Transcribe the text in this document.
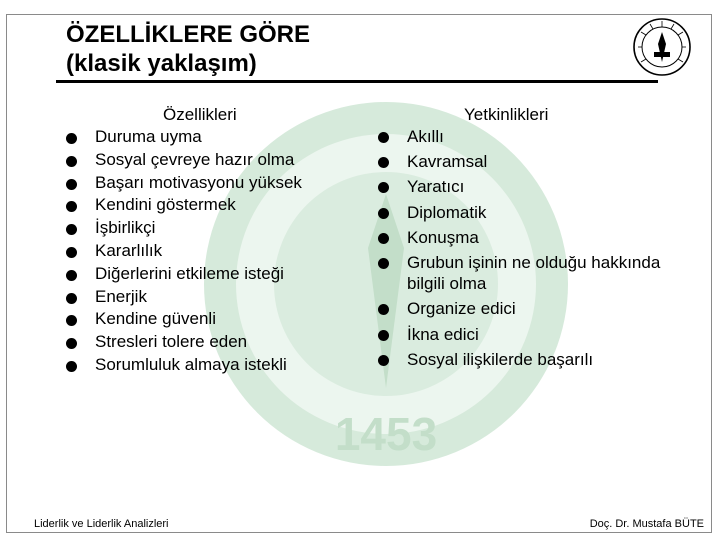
1453
ÖZELLİKLERE GÖRE
(klasik yaklaşım)
Özellikleri
Duruma uyma
Sosyal çevreye hazır olma
Başarı motivasyonu yüksek
Kendini göstermek
İşbirlikçi
Kararlılık
Diğerlerini etkileme isteği
Enerjik
Kendine güvenli
Stresleri tolere eden
Sorumluluk almaya istekli
Yetkinlikleri
Akıllı
Kavramsal
Yaratıcı
Diplomatik
Konuşma
Grubun işinin ne olduğu hakkında bilgili olma
Organize edici
İkna edici
Sosyal ilişkilerde başarılı
Liderlik ve Liderlik Analizleri	Doç. Dr. Mustafa BÜTE
